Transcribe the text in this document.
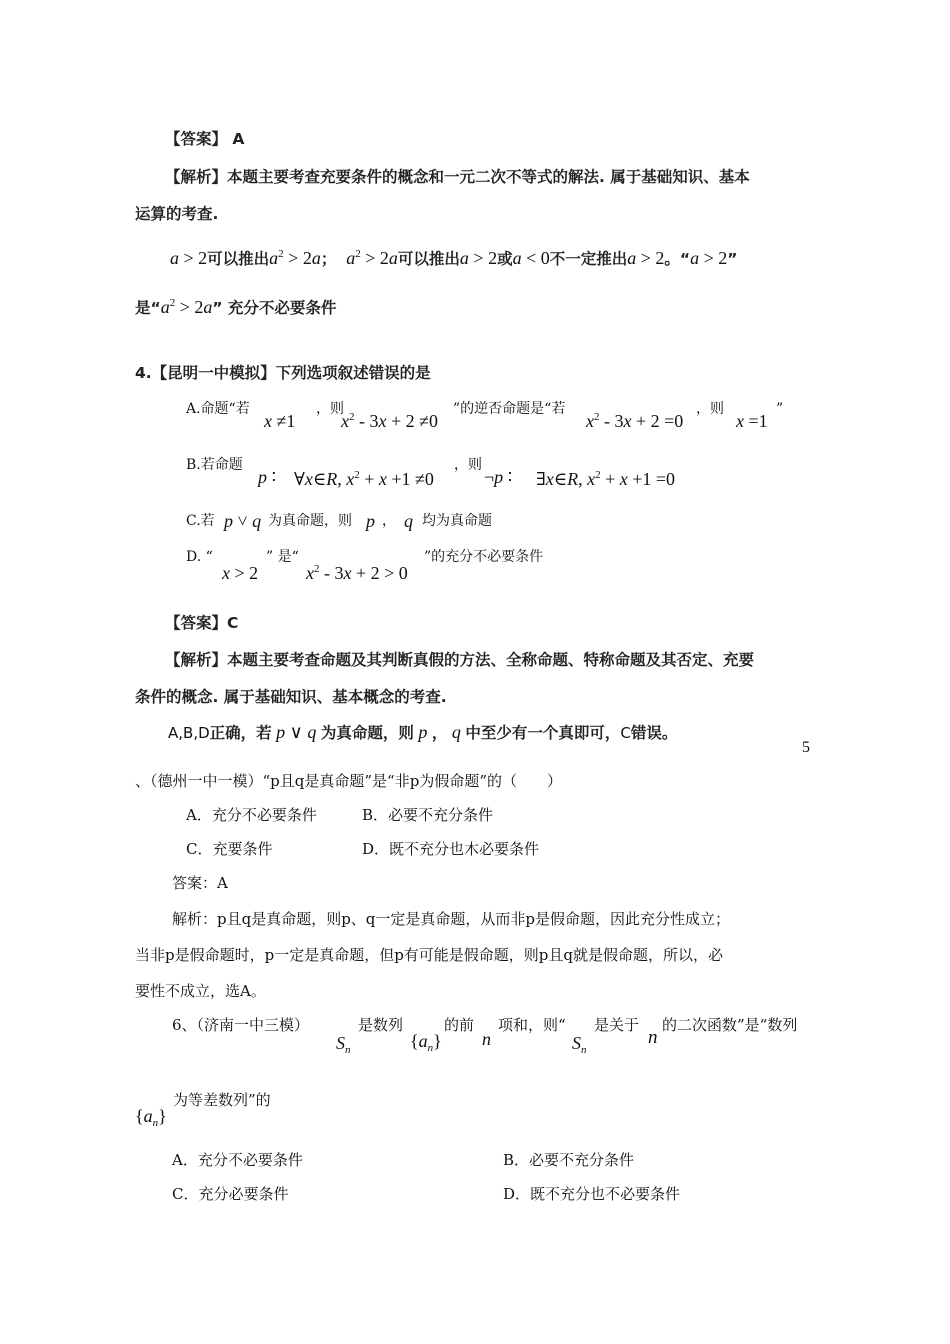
【答案】 A
【解析】本题主要考查充要条件的概念和一元二次不等式的解法. 属于基础知识、基本
运算的考查.
a > 2可以推出$a^2 > 2a$； $a^2 > 2a$可以推出a > 2或a < 0不一定推出a > 2。“a > 2”
是“$a^2 > 2a$” 充分不必要条件
4.【昆明一中模拟】下列选项叙述错误的是
A.命题“若
x ≠1
，则
$x^2 - 3x + 2 \ne 0$
”的逆否命题是“若
$x^2 - 3x + 2 =0$
，则
x =1
”
B.若命题
p ∶ ∀x∈R, $x^2 + x +1 \ne 0$
，则
¬p ∶ ∃x∈R, $x^2 + x +1 =0$
C.若 p ˅ q 为真命题，则 p ， q 均为真命题
D. “
x > 2
” 是“
$x^2 - 3x + 2 > 0$
”的充分不必要条件
【答案】C
【解析】本题主要考查命题及其判断真假的方法、全称命题、特称命题及其否定、充要
条件的概念. 属于基础知识、基本概念的考查.
A,B,D正确，若 p ∨ q 为真命题，则 p ， q 中至少有一个真即可，C错误。
5
、（德州一中一模）“p且q是真命题”是“非p为假命题”的（　　）
A．充分不必要条件	B．必要不充分条件
C．充要条件	D．既不充分也木必要条件
答案：A
解析：p且q是真命题，则p、q一定是真命题，从而非p是假命题，因此充分性成立；
当非p是假命题时，p一定是真命题，但p有可能是假命题，则p且q就是假命题，所以，必
要性不成立，选A。
6、（济南一中三模）
$S_n$
是数列
$\{a_n\}$
的前
n
项和，则“
$S_n$
是关于
n
的二次函数”是“数列
$\{a_n\}$
为等差数列”的
A．充分不必要条件	B．必要不充分条件
C．充分必要条件	D．既不充分也不必要条件
